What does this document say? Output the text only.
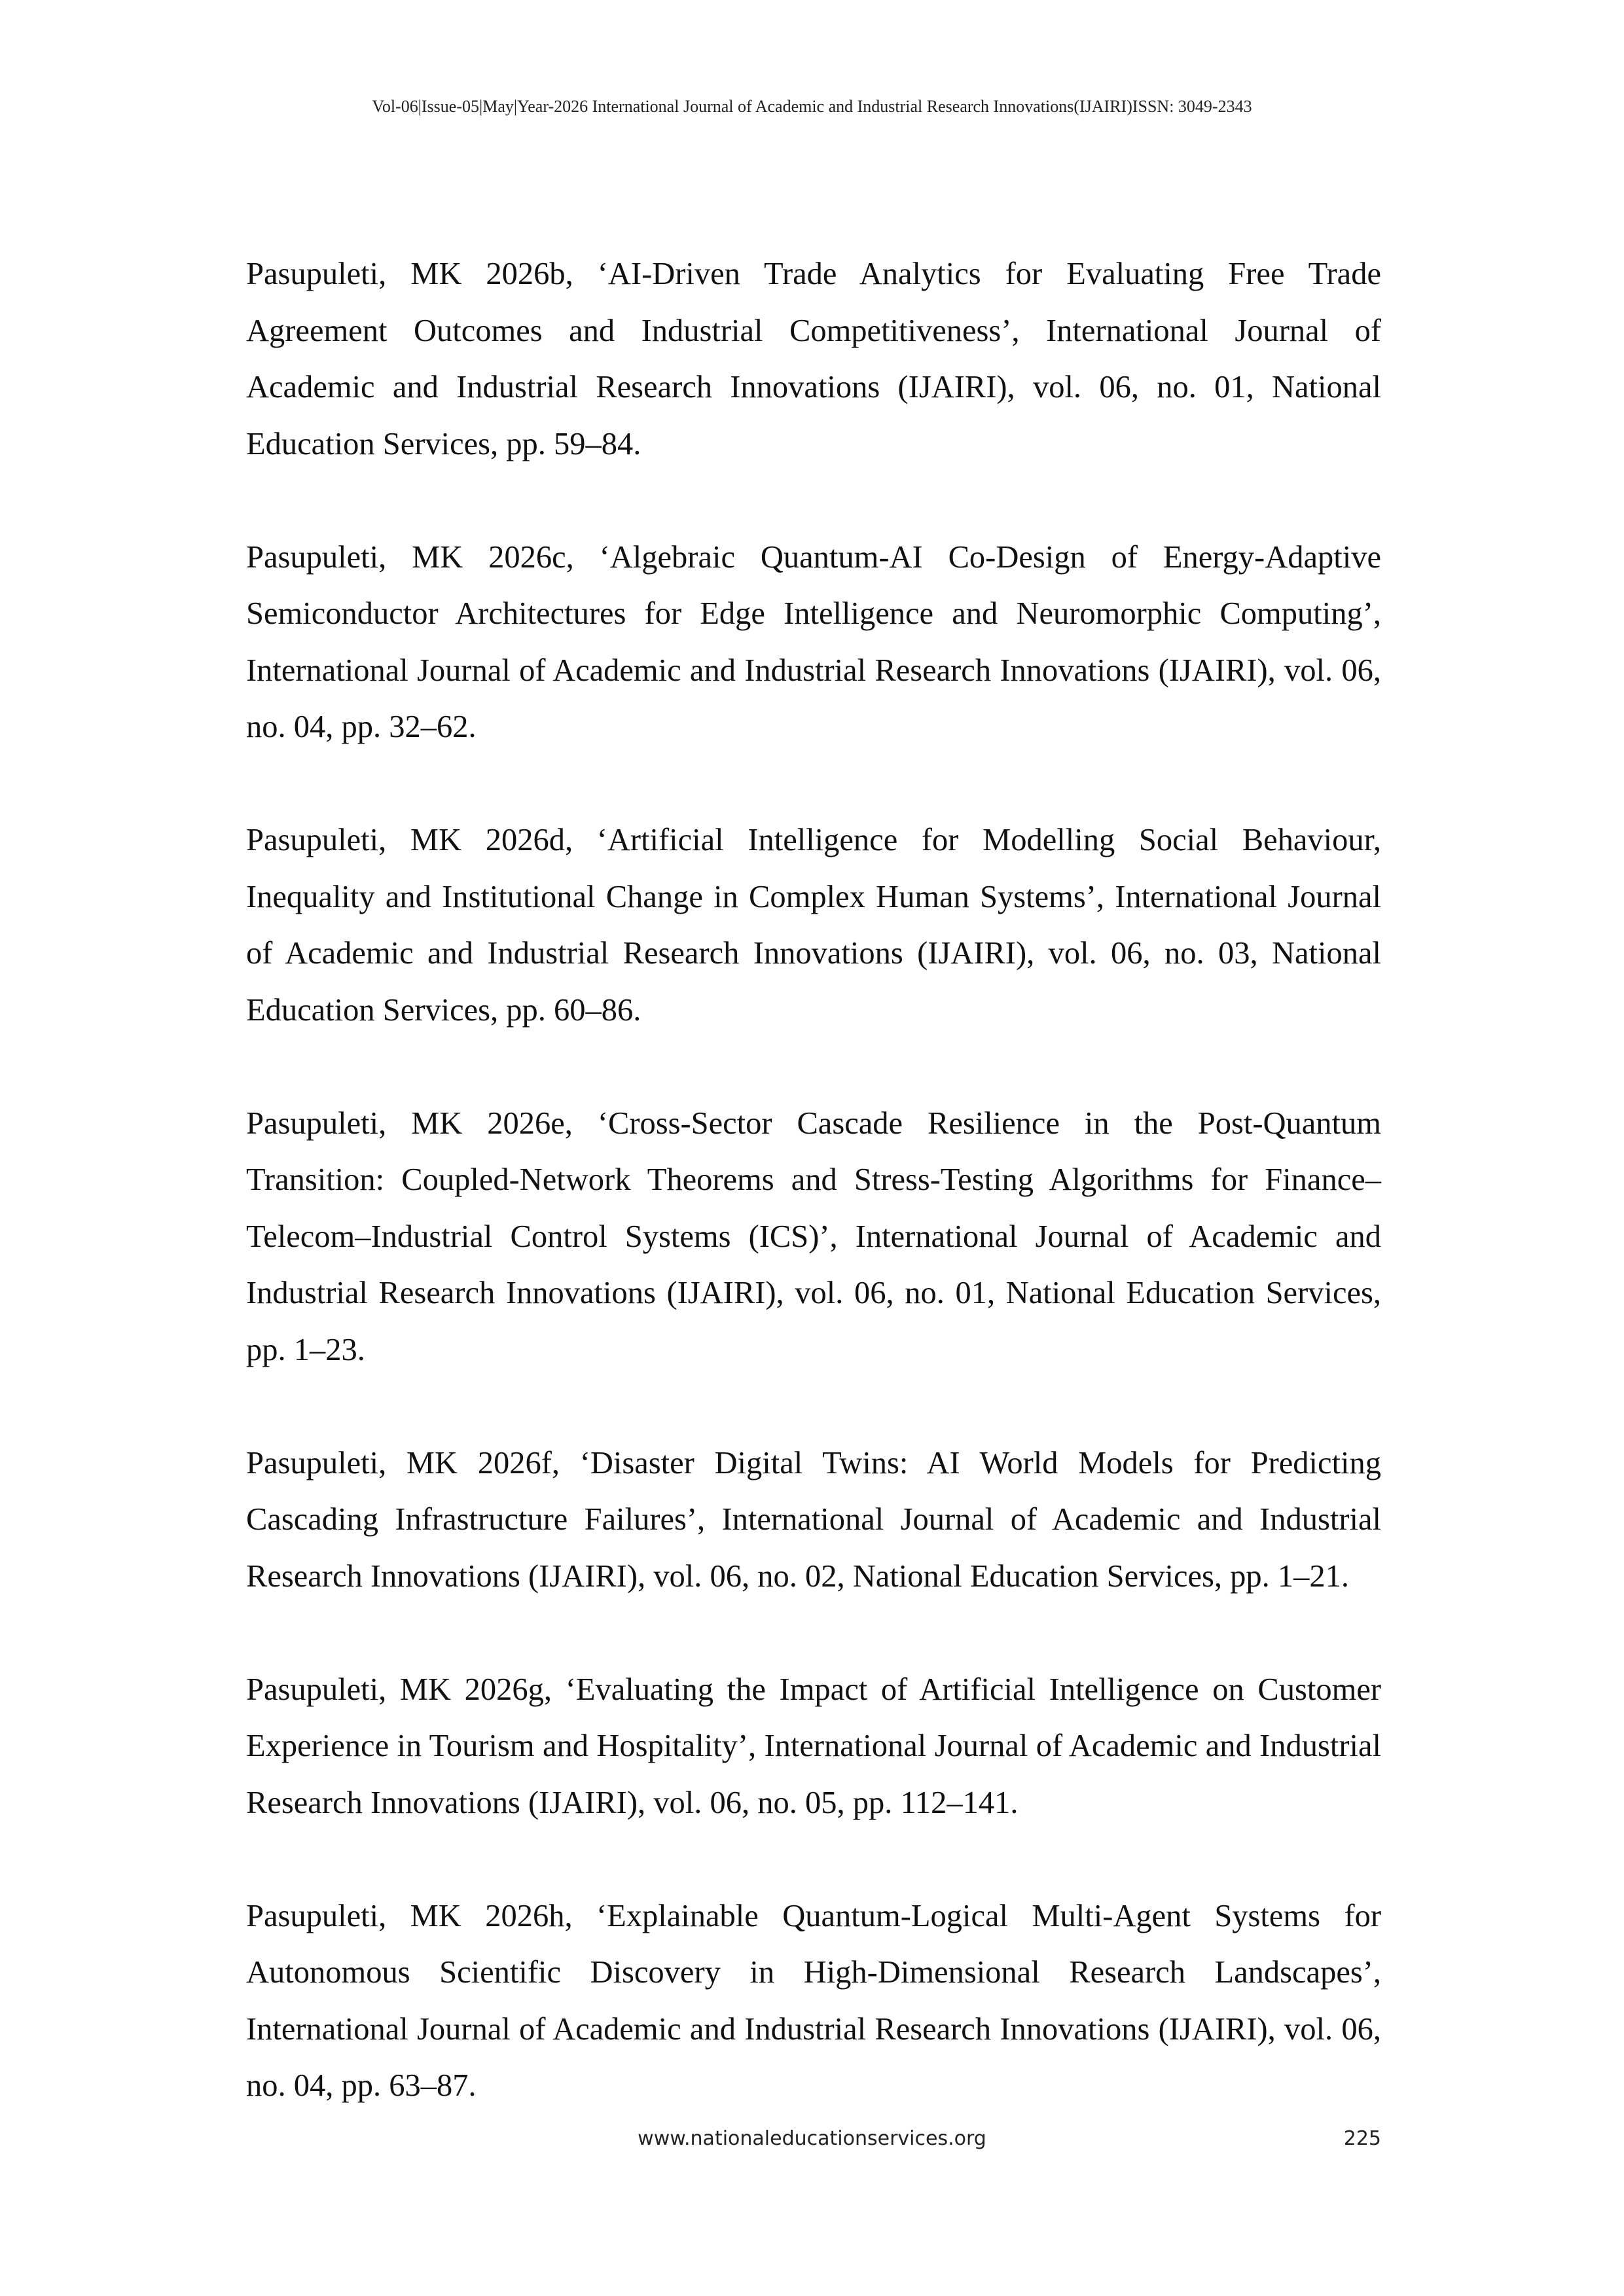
Vol-06|Issue-05|May|Year-2026 International Journal of Academic and Industrial Research Innovations(IJAIRI)ISSN: 3049-2343
Pasupuleti, MK 2026b, ‘AI-Driven Trade Analytics for Evaluating Free Trade Agreement Outcomes and Industrial Competitiveness’, International Journal of Academic and Industrial Research Innovations (IJAIRI), vol. 06, no. 01, National Education Services, pp. 59–84.
Pasupuleti, MK 2026c, ‘Algebraic Quantum-AI Co-Design of Energy-Adaptive Semiconductor Architectures for Edge Intelligence and Neuromorphic Computing’, International Journal of Academic and Industrial Research Innovations (IJAIRI), vol. 06, no. 04, pp. 32–62.
Pasupuleti, MK 2026d, ‘Artificial Intelligence for Modelling Social Behaviour, Inequality and Institutional Change in Complex Human Systems’, International Journal of Academic and Industrial Research Innovations (IJAIRI), vol. 06, no. 03, National Education Services, pp. 60–86.
Pasupuleti, MK 2026e, ‘Cross-Sector Cascade Resilience in the Post-Quantum Transition: Coupled-Network Theorems and Stress-Testing Algorithms for Finance–Telecom–Industrial Control Systems (ICS)’, International Journal of Academic and Industrial Research Innovations (IJAIRI), vol. 06, no. 01, National Education Services, pp. 1–23.
Pasupuleti, MK 2026f, ‘Disaster Digital Twins: AI World Models for Predicting Cascading Infrastructure Failures’, International Journal of Academic and Industrial Research Innovations (IJAIRI), vol. 06, no. 02, National Education Services, pp. 1–21.
Pasupuleti, MK 2026g, ‘Evaluating the Impact of Artificial Intelligence on Customer Experience in Tourism and Hospitality’, International Journal of Academic and Industrial Research Innovations (IJAIRI), vol. 06, no. 05, pp. 112–141.
Pasupuleti, MK 2026h, ‘Explainable Quantum-Logical Multi-Agent Systems for Autonomous Scientific Discovery in High-Dimensional Research Landscapes’, International Journal of Academic and Industrial Research Innovations (IJAIRI), vol. 06, no. 04, pp. 63–87.
www.nationaleducationservices.org	225
